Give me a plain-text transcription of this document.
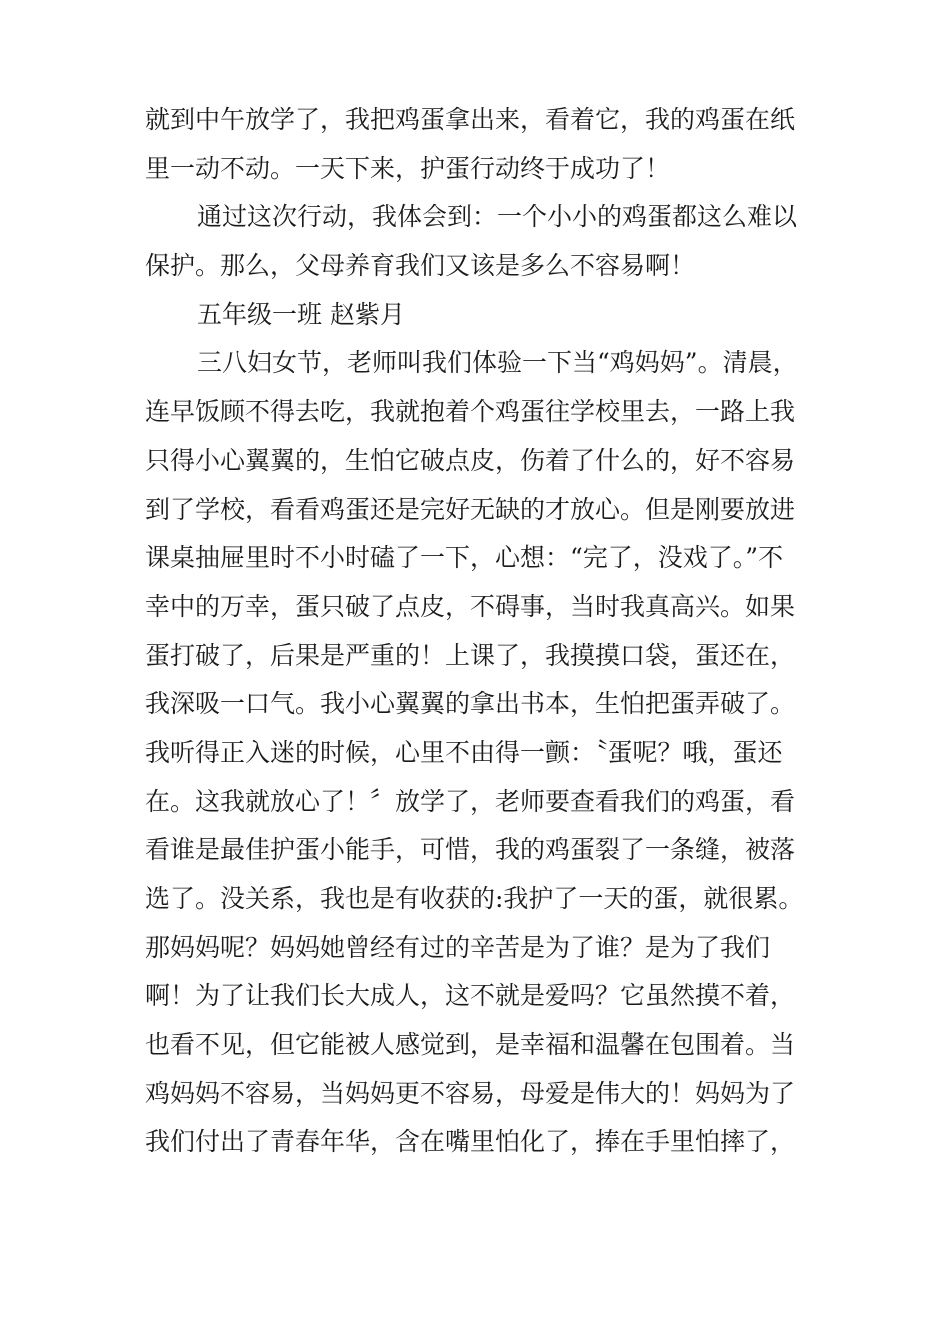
就到中午放学了，我把鸡蛋拿出来，看着它，我的鸡蛋在纸
里一动不动。一天下来，护蛋行动终于成功了！
通过这次行动，我体会到：一个小小的鸡蛋都这么难以
保护。那么，父母养育我们又该是多么不容易啊！
五年级一班 赵紫月
三八妇女节，老师叫我们体验一下当“鸡妈妈”。清晨，
连早饭顾不得去吃，我就抱着个鸡蛋往学校里去，一路上我
只得小心翼翼的，生怕它破点皮，伤着了什么的，好不容易
到了学校，看看鸡蛋还是完好无缺的才放心。但是刚要放进
课桌抽屉里时不小时磕了一下，心想：“完了，没戏了。”不
幸中的万幸，蛋只破了点皮，不碍事，当时我真高兴。如果
蛋打破了，后果是严重的！上课了，我摸摸口袋，蛋还在，
我深吸一口气。我小心翼翼的拿出书本，生怕把蛋弄破了。
我听得正入迷的时候，心里不由得一颤：〝蛋呢？哦，蛋还
在。这我就放心了！〞放学了，老师要查看我们的鸡蛋，看
看谁是最佳护蛋小能手，可惜，我的鸡蛋裂了一条缝，被落
选了。没关系，我也是有收获的:我护了一天的蛋，就很累。
那妈妈呢？妈妈她曾经有过的辛苦是为了谁？是为了我们
啊！为了让我们长大成人，这不就是爱吗？它虽然摸不着，
也看不见，但它能被人感觉到，是幸福和温馨在包围着。当
鸡妈妈不容易，当妈妈更不容易，母爱是伟大的！妈妈为了
我们付出了青春年华，含在嘴里怕化了，捧在手里怕摔了，
